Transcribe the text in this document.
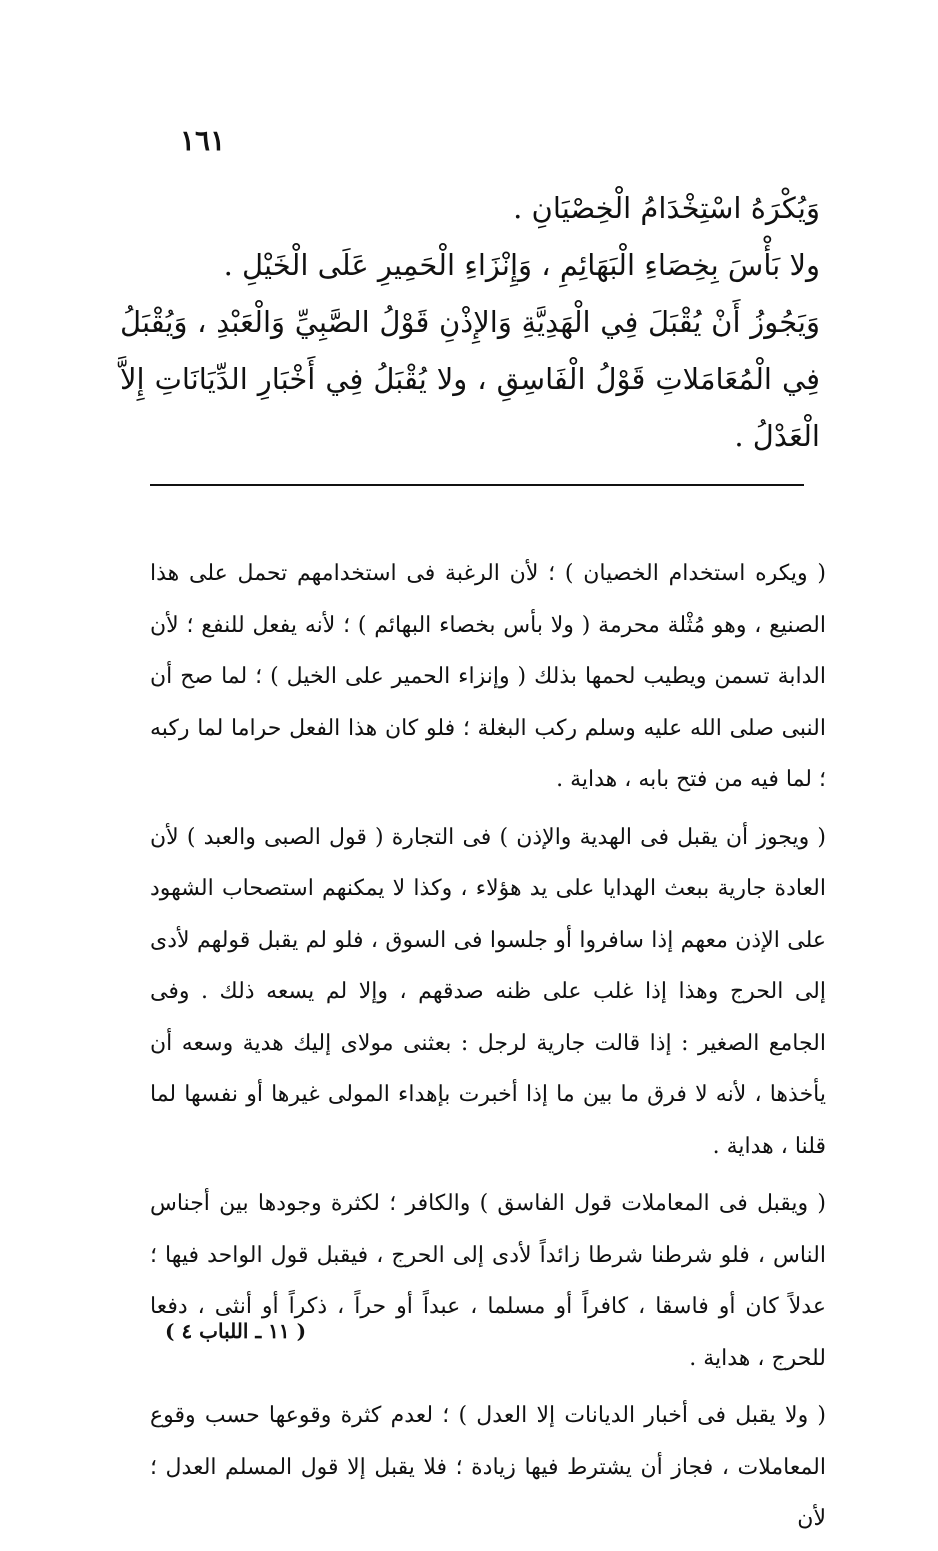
١٦١

وَيُكْرَهُ اسْتِخْدَامُ الْخِصْيَانِ .

ولا بَأْسَ بِخِصَاءِ الْبَهَائِمِ ، وَإِنْزَاءِ الْحَمِيرِ عَلَى الْخَيْلِ .

وَيَجُوزُ أَنْ يُقْبَلَ فِي الْهَدِيَّةِ وَالإِذْنِ قَوْلُ الصَّبِيِّ وَالْعَبْدِ ، وَيُقْبَلُ فِي الْمُعَامَلاتِ قَوْلُ الْفَاسِقِ ، ولا يُقْبَلُ فِي أَخْبَارِ الدِّيَانَاتِ إِلاَّ الْعَدْلُ .

( ويكره استخدام الخصيان ) ؛ لأن الرغبة فى استخدامهم تحمل على هذا الصنيع ، وهو مُثْلة محرمة ( ولا بأس بخصاء البهائم ) ؛ لأنه يفعل للنفع ؛ لأن الدابة تسمن ويطيب لحمها بذلك ( وإنزاء الحمير على الخيل ) ؛ لما صح أن النبى صلى الله عليه وسلم ركب البغلة ؛ فلو كان هذا الفعل حراما لما ركبه ؛ لما فيه من فتح بابه ، هداية .

( ويجوز أن يقبل فى الهدية والإذن ) فى التجارة ( قول الصبى والعبد ) لأن العادة جارية ببعث الهدايا على يد هؤلاء ، وكذا لا يمكنهم استصحاب الشهود على الإذن معهم إذا سافروا أو جلسوا فى السوق ، فلو لم يقبل قولهم لأدى إلى الحرج وهذا إذا غلب على ظنه صدقهم ، وإلا لم يسعه ذلك . وفى الجامع الصغير : إذا قالت جارية لرجل : بعثنى مولاى إليك هدية وسعه أن يأخذها ، لأنه لا فرق ما بين ما إذا أخبرت بإهداء المولى غيرها أو نفسها لما قلنا ، هداية .

( ويقبل فى المعاملات قول الفاسق ) والكافر ؛ لكثرة وجودها بين أجناس الناس ، فلو شرطنا شرطا زائداً لأدى إلى الحرج ، فيقبل قول الواحد فيها ؛ عدلاً كان أو فاسقا ، كافراً أو مسلما ، عبداً أو حراً ، ذكراً أو أنثى ، دفعا للحرج ، هداية .

( ولا يقبل فى أخبار الديانات إلا العدل ) ؛ لعدم كثرة وقوعها حسب وقوع المعاملات ، فجاز أن يشترط فيها زيادة ؛ فلا يقبل إلا قول المسلم العدل ؛ لأن

( ١١ ـ اللباب ٤ )
